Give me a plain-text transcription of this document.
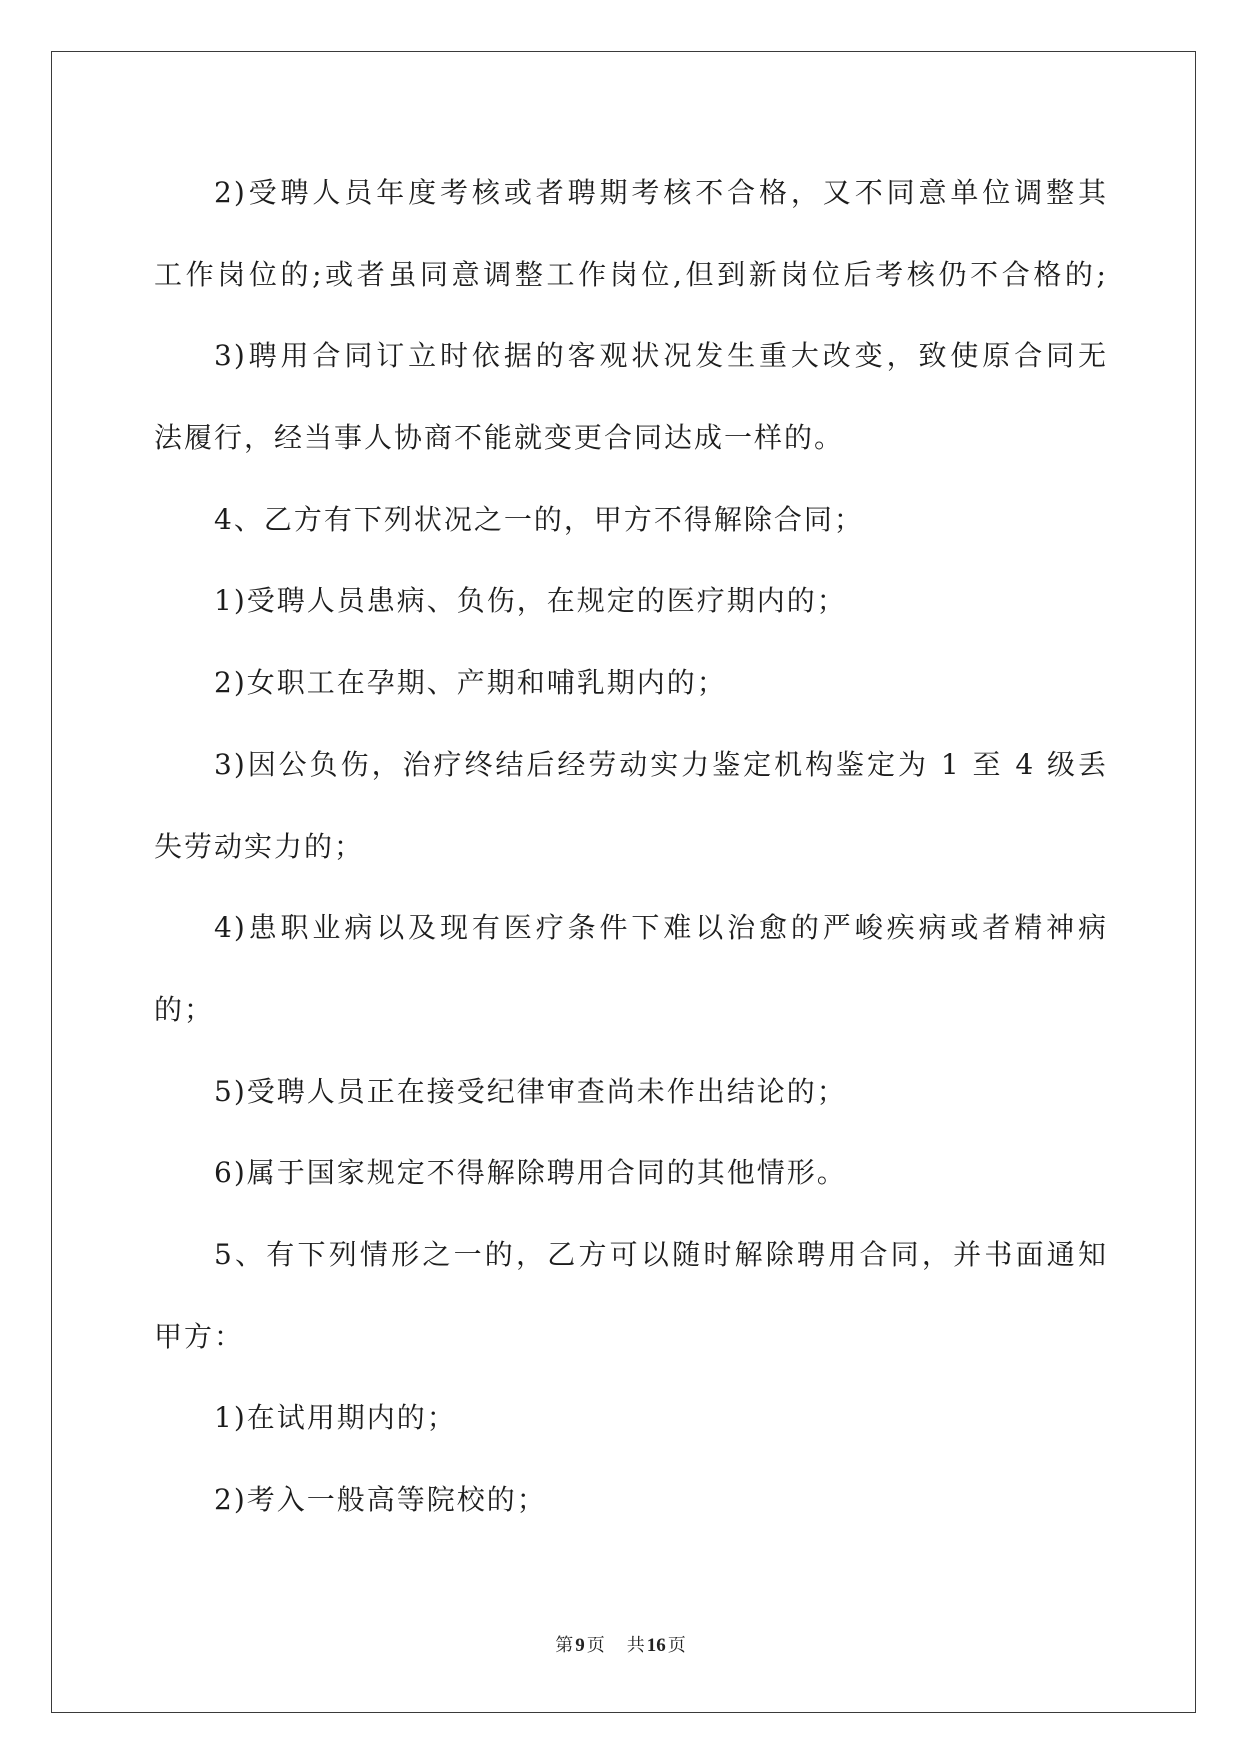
2)受聘人员年度考核或者聘期考核不合格，又不同意单位调整其
工作岗位的;或者虽同意调整工作岗位,但到新岗位后考核仍不合格的;
3)聘用合同订立时依据的客观状况发生重大改变，致使原合同无
法履行，经当事人协商不能就变更合同达成一样的。
4、乙方有下列状况之一的，甲方不得解除合同；
1)受聘人员患病、负伤，在规定的医疗期内的；
2)女职工在孕期、产期和哺乳期内的；
3)因公负伤，治疗终结后经劳动实力鉴定机构鉴定为 1 至 4 级丢
失劳动实力的；
4)患职业病以及现有医疗条件下难以治愈的严峻疾病或者精神病
的；
5)受聘人员正在接受纪律审查尚未作出结论的；
6)属于国家规定不得解除聘用合同的其他情形。
5、有下列情形之一的，乙方可以随时解除聘用合同，并书面通知
甲方：
1)在试用期内的；
2)考入一般高等院校的；
第 9 页 共 16 页
